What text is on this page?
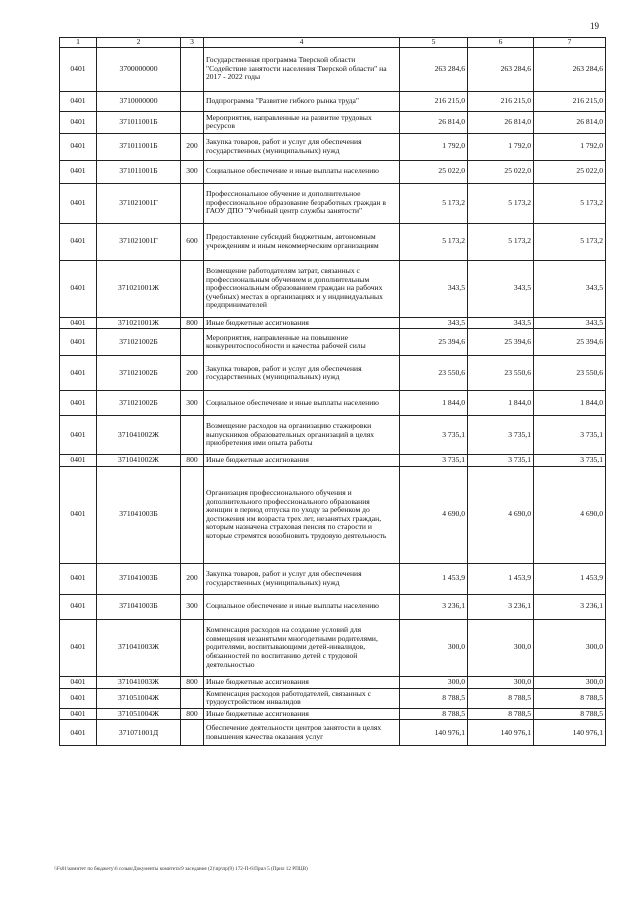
19
1	2	3	4	5	6	7
0401	3700000000		Государственная программа Тверской области "Содействие занятости населения Тверской области" на 2017 - 2022 годы	263 284,6	263 284,6	263 284,6
0401	3710000000		Подпрограмма "Развитие гибкого рынка труда"	216 215,0	216 215,0	216 215,0
0401	371011001Б		Мероприятия, направленные на развитие трудовых ресурсов	26 814,0	26 814,0	26 814,0
0401	371011001Б	200	Закупка товаров, работ и услуг для обеспечения государственных (муниципальных) нужд	1 792,0	1 792,0	1 792,0
0401	371011001Б	300	Социальное обеспечение и иные выплаты населению	25 022,0	25 022,0	25 022,0
0401	371021001Г		Профессиональное обучение и дополнительное профессиональное образование безработных граждан в ГАОУ ДПО "Учебный центр службы занятости"	5 173,2	5 173,2	5 173,2
0401	371021001Г	600	Предоставление субсидий бюджетным, автономным учреждениям и иным некоммерческим организациям	5 173,2	5 173,2	5 173,2
0401	371021001Ж		Возмещение работодателям затрат, связанных с профессиональным обучением и дополнительным профессиональным образованием граждан на рабочих (учебных) местах в организациях и у индивидуальных предпринимателей	343,5	343,5	343,5
0401	371021001Ж	800	Иные бюджетные ассигнования	343,5	343,5	343,5
0401	371021002Б		Мероприятия, направленные на повышение конкурентоспособности и качества рабочей силы	25 394,6	25 394,6	25 394,6
0401	371021002Б	200	Закупка товаров, работ и услуг для обеспечения государственных (муниципальных) нужд	23 550,6	23 550,6	23 550,6
0401	371021002Б	300	Социальное обеспечение и иные выплаты населению	1 844,0	1 844,0	1 844,0
0401	371041002Ж		Возмещение расходов на организацию стажировки выпускников образовательных организаций в целях приобретения ими опыта работы	3 735,1	3 735,1	3 735,1
0401	371041002Ж	800	Иные бюджетные ассигнования	3 735,1	3 735,1	3 735,1
0401	371041003Б		Организация профессионального обучения и дополнительного профессионального образования женщин в период отпуска по уходу за ребенком до достижения им возраста трех лет, незанятых граждан, которым назначена страховая пенсия по старости и которые стремятся возобновить трудовую деятельность	4 690,0	4 690,0	4 690,0
0401	371041003Б	200	Закупка товаров, работ и услуг для обеспечения государственных (муниципальных) нужд	1 453,9	1 453,9	1 453,9
0401	371041003Б	300	Социальное обеспечение и иные выплаты населению	3 236,1	3 236,1	3 236,1
0401	371041003Ж		Компенсация расходов на создание условий для совмещения незанятыми многодетными родителями, родителями, воспитывающими детей-инвалидов, обязанностей по воспитанию детей с трудовой деятельностью	300,0	300,0	300,0
0401	371041003Ж	800	Иные бюджетные ассигнования	300,0	300,0	300,0
0401	371051004Ж		Компенсация расходов работодателей, связанных с трудоустройством инвалидов	8 788,5	8 788,5	8 788,5
0401	371051004Ж	800	Иные бюджетные ассигнования	8 788,5	8 788,5	8 788,5
0401	371071001Д		Обеспечение деятельности центров занятости в целях повышения качества оказания услуг	140 976,1	140 976,1	140 976,1
\\Fs01\комитет по бюджету\6 созыв\Документы комитета\9 заседание (2)\пр\пр(9) 172-П-6\Прил 5 (Прил 12 РПЦВ)
